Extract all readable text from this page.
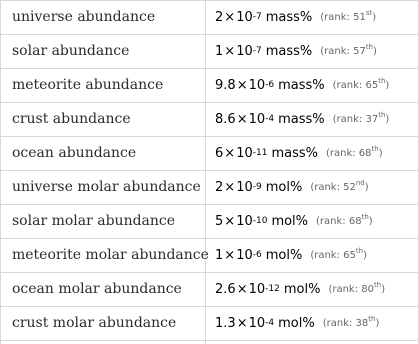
universe abundance	2 × 10 -7 mass% (rank: 51st)
solar abundance	1 × 10 -7 mass% (rank: 57th)
meteorite abundance	9.8 × 10 -6 mass% (rank: 65th)
crust abundance	8.6 × 10 -4 mass% (rank: 37th)
ocean abundance	6 × 10 -11 mass% (rank: 68th)
universe molar abundance 2 × 10 -9 mol% (rank: 52nd)
solar molar abundance	5 × 10 -10 mol% (rank: 68th)
meteorite molar abundance 1 × 10 -6 mol% (rank: 65th)
ocean molar abundance	2.6 × 10 -12 mol% (rank: 80th)
crust molar abundance	1.3 × 10 -4 mol% (rank: 38th)
